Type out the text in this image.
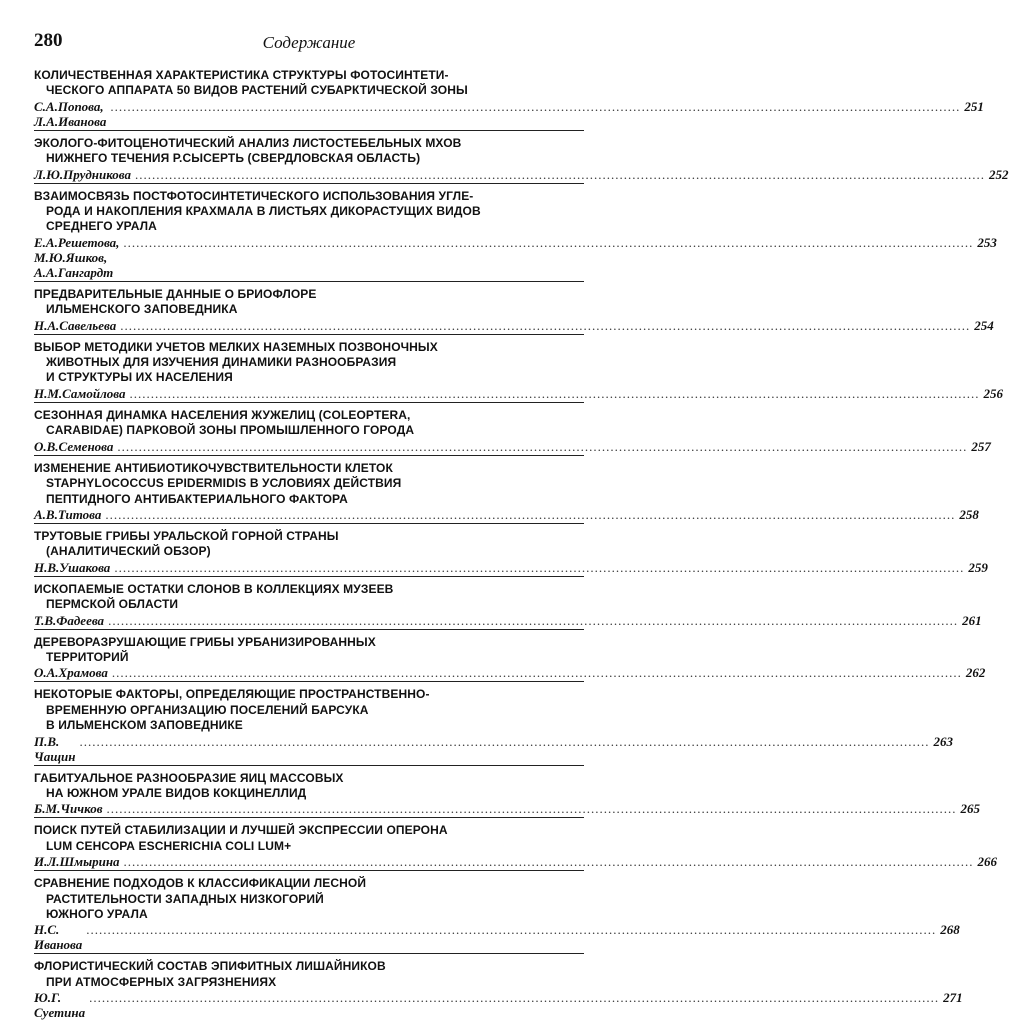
280	Содержание
КОЛИЧЕСТВЕННАЯ ХАРАКТЕРИСТИКА СТРУКТУРЫ ФОТОСИНТЕТИ-
ЧЕСКОГО АППАРАТА 50 ВИДОВ РАСТЕНИЙ СУБАРКТИЧЕСКОЙ ЗОНЫ
С.А.Попова, Л.А.Иванова
........................................................................................................................................................................................................ 251
ЭКОЛОГО-ФИТОЦЕНОТИЧЕСКИЙ АНАЛИЗ ЛИСТОСТЕБЕЛЬНЫХ МХОВ
НИЖНЕГО ТЕЧЕНИЯ Р.СЫСЕРТЬ (СВЕРДЛОВСКАЯ ОБЛАСТЬ)
Л.Ю.Прудникова ........................................................................................................................................................................................................ 252
ВЗАИМОСВЯЗЬ ПОСТФОТОСИНТЕТИЧЕСКОГО ИСПОЛЬЗОВАНИЯ УГЛЕ-
РОДА И НАКОПЛЕНИЯ КРАХМАЛА В ЛИСТЬЯХ ДИКОРАСТУЩИХ ВИДОВ
СРЕДНЕГО УРАЛА
Е.А.Решетова, М.Ю.Яшков, А.А.Гангардт
........................................................................................................................................................................................................ 253
ПРЕДВАРИТЕЛЬНЫЕ ДАННЫЕ О БРИОФЛОРЕ
ИЛЬМЕНСКОГО ЗАПОВЕДНИКА
Н.А.Савельева ........................................................................................................................................................................................................ 254
ВЫБОР МЕТОДИКИ УЧЕТОВ МЕЛКИХ НАЗЕМНЫХ ПОЗВОНОЧНЫХ
ЖИВОТНЫХ ДЛЯ ИЗУЧЕНИЯ ДИНАМИКИ РАЗНООБРАЗИЯ
И СТРУКТУРЫ ИХ НАСЕЛЕНИЯ
Н.М.Самойлова ........................................................................................................................................................................................................ 256
СЕЗОННАЯ ДИНАМКА НАСЕЛЕНИЯ ЖУЖЕЛИЦ (COLEOPTERA,
CARABIDAE) ПАРКОВОЙ ЗОНЫ ПРОМЫШЛЕННОГО ГОРОДА
О.В.Семенова ........................................................................................................................................................................................................ 257
ИЗМЕНЕНИЕ АНТИБИОТИКОЧУВСТВИТЕЛЬНОСТИ КЛЕТОК
STAPHYLOCOCCUS EPIDERMIDIS В УСЛОВИЯХ ДЕЙСТВИЯ
ПЕПТИДНОГО АНТИБАКТЕРИАЛЬНОГО ФАКТОРА
А.В.Титова ........................................................................................................................................................................................................ 258
ТРУТОВЫЕ ГРИБЫ УРАЛЬСКОЙ ГОРНОЙ СТРАНЫ
(АНАЛИТИЧЕСКИЙ ОБЗОР)
Н.В.Ушакова ........................................................................................................................................................................................................ 259
ИСКОПАЕМЫЕ ОСТАТКИ СЛОНОВ В КОЛЛЕКЦИЯХ МУЗЕЕВ
ПЕРМСКОЙ ОБЛАСТИ
Т.В.Фадеева ........................................................................................................................................................................................................ 261
ДЕРЕВОРАЗРУШАЮЩИЕ ГРИБЫ УРБАНИЗИРОВАННЫХ
ТЕРРИТОРИЙ
О.А.Храмова ........................................................................................................................................................................................................ 262
НЕКОТОРЫЕ ФАКТОРЫ, ОПРЕДЕЛЯЮЩИЕ ПРОСТРАНСТВЕННО-
ВРЕМЕННУЮ ОРГАНИЗАЦИЮ ПОСЕЛЕНИЙ БАРСУКА
В ИЛЬМЕНСКОМ ЗАПОВЕДНИКЕ
П.В. Чащин
........................................................................................................................................................................................................ 263
ГАБИТУАЛЬНОЕ РАЗНООБРАЗИЕ ЯИЦ МАССОВЫХ
НА ЮЖНОМ УРАЛЕ ВИДОВ КОКЦИНЕЛЛИД
Б.М.Чичков ........................................................................................................................................................................................................ 265
ПОИСК ПУТЕЙ СТАБИЛИЗАЦИИ И ЛУЧШЕЙ ЭКСПРЕССИИ ОПЕРОНА
LUM СЕНСОРА ESCHERICHIA COLI LUM+
И.Л.Шмырина ........................................................................................................................................................................................................ 266
СРАВНЕНИЕ ПОДХОДОВ К КЛАССИФИКАЦИИ ЛЕСНОЙ
РАСТИТЕЛЬНОСТИ ЗАПАДНЫХ НИЗКОГОРИЙ
ЮЖНОГО УРАЛА
Н.С. Иванова
........................................................................................................................................................................................................ 268
ФЛОРИСТИЧЕСКИЙ СОСТАВ ЭПИФИТНЫХ ЛИШАЙНИКОВ
ПРИ АТМОСФЕРНЫХ ЗАГРЯЗНЕНИЯХ
Ю.Г. Суетина
........................................................................................................................................................................................................ 271
